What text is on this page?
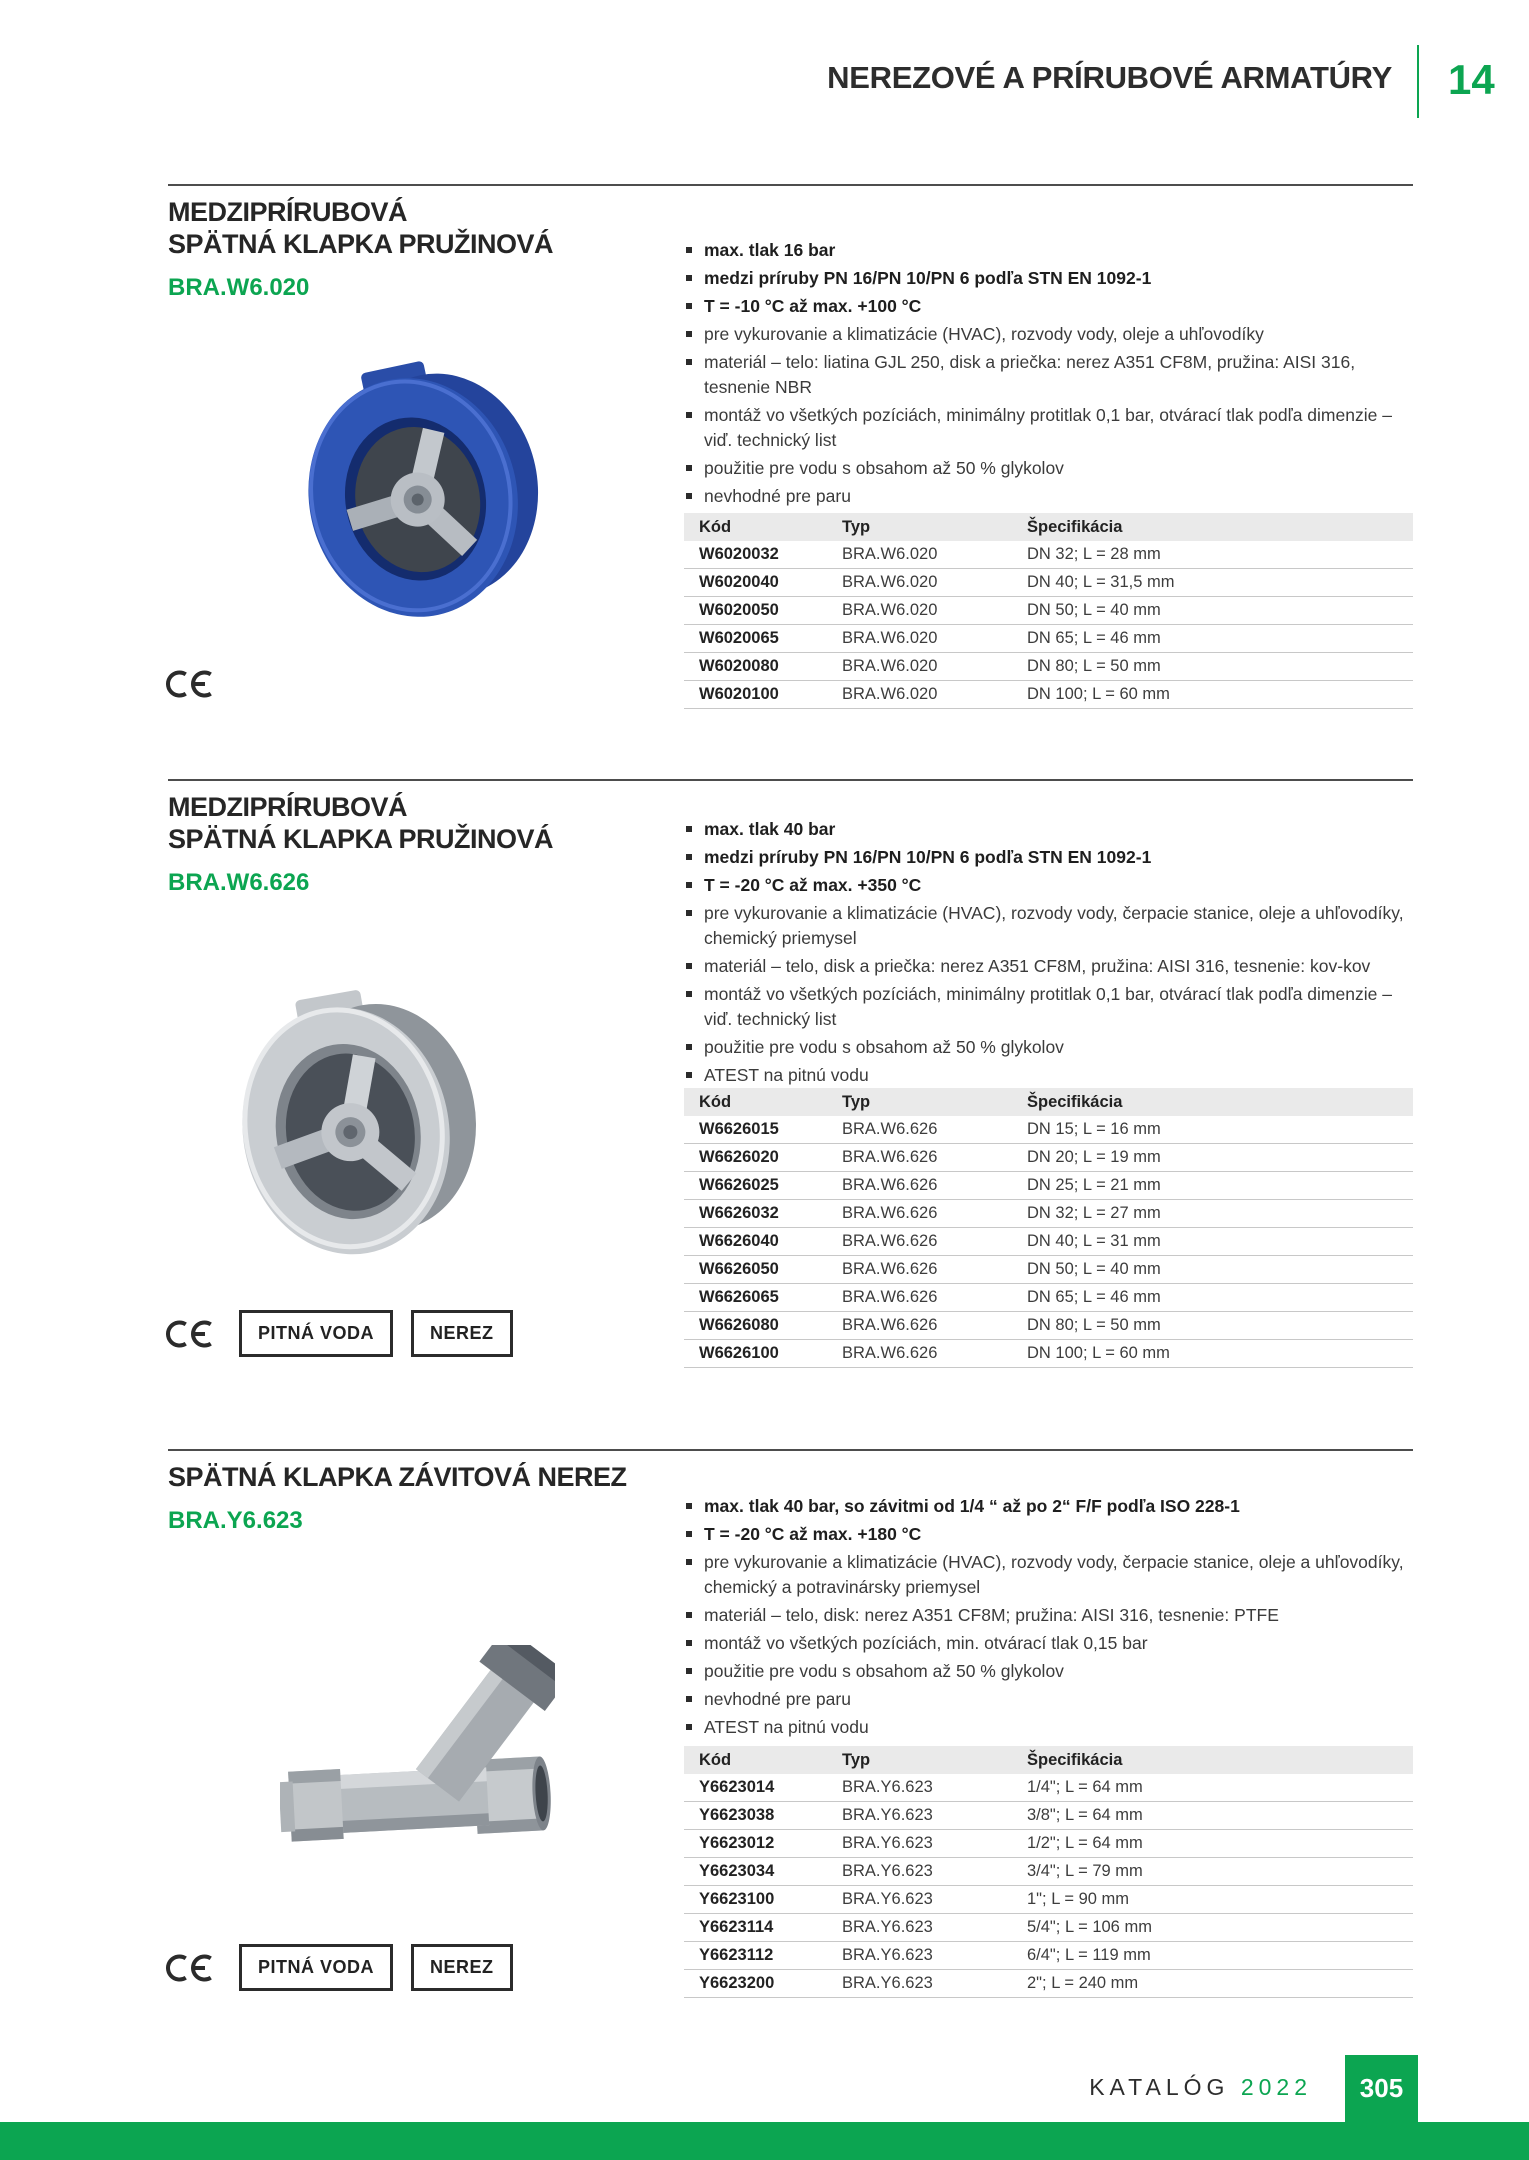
NEREZOVÉ A PRÍRUBOVÉ ARMATÚRY 14
MEDZIPRÍRUBOVÁ
SPÄTNÁ KLAPKA PRUŽINOVÁ
BRA.W6.020
max. tlak 16 bar
medzi príruby PN 16/PN 10/PN 6 podľa STN EN 1092-1
T = -10 °C až max. +100 °C
pre vykurovanie a klimatizácie (HVAC), rozvody vody, oleje a uhľovodíky
materiál – telo: liatina GJL 250, disk a priečka: nerez A351 CF8M, pružina: AISI 316, tesnenie NBR
montáž vo všetkých pozíciách, minimálny protitlak 0,1 bar, otvárací tlak podľa dimenzie – viď. technický list
použitie pre vodu s obsahom až 50 % glykolov
nevhodné pre paru
Kód	Typ	Špecifikácia
W6020032	BRA.W6.020	DN 32; L = 28 mm
W6020040	BRA.W6.020	DN 40; L = 31,5 mm
W6020050	BRA.W6.020	DN 50; L = 40 mm
W6020065	BRA.W6.020	DN 65; L = 46 mm
W6020080	BRA.W6.020	DN 80; L = 50 mm
W6020100	BRA.W6.020	DN 100; L = 60 mm
MEDZIPRÍRUBOVÁ
SPÄTNÁ KLAPKA PRUŽINOVÁ
BRA.W6.626
PITNÁ VODA	NEREZ
max. tlak 40 bar
medzi príruby PN 16/PN 10/PN 6 podľa STN EN 1092-1
T = -20 °C až max. +350 °C
pre vykurovanie a klimatizácie (HVAC), rozvody vody, čerpacie stanice, oleje a uhľovodíky, chemický priemysel
materiál – telo, disk a priečka: nerez A351 CF8M, pružina: AISI 316, tesnenie: kov-kov
montáž vo všetkých pozíciách, minimálny protitlak 0,1 bar, otvárací tlak podľa dimenzie – viď. technický list
použitie pre vodu s obsahom až 50 % glykolov
ATEST na pitnú vodu
Kód	Typ	Špecifikácia
W6626015	BRA.W6.626	DN 15; L = 16 mm
W6626020	BRA.W6.626	DN 20; L = 19 mm
W6626025	BRA.W6.626	DN 25; L = 21 mm
W6626032	BRA.W6.626	DN 32; L = 27 mm
W6626040	BRA.W6.626	DN 40; L = 31 mm
W6626050	BRA.W6.626	DN 50; L = 40 mm
W6626065	BRA.W6.626	DN 65; L = 46 mm
W6626080	BRA.W6.626	DN 80; L = 50 mm
W6626100	BRA.W6.626	DN 100; L = 60 mm
SPÄTNÁ KLAPKA ZÁVITOVÁ NEREZ
BRA.Y6.623
PITNÁ VODA	NEREZ
max. tlak 40 bar, so závitmi od 1/4 “ až po 2“ F/F podľa ISO 228-1
T = -20 °C až max. +180 °C
pre vykurovanie a klimatizácie (HVAC), rozvody vody, čerpacie stanice, oleje a uhľovodíky, chemický a potravinársky priemysel
materiál – telo, disk: nerez A351 CF8M; pružina: AISI 316, tesnenie: PTFE
montáž vo všetkých pozíciách, min. otvárací tlak 0,15 bar
použitie pre vodu s obsahom až 50 % glykolov
nevhodné pre paru
ATEST na pitnú vodu
Kód	Typ	Špecifikácia
Y6623014	BRA.Y6.623	1/4"; L = 64 mm
Y6623038	BRA.Y6.623	3/8"; L = 64 mm
Y6623012	BRA.Y6.623	1/2"; L = 64 mm
Y6623034	BRA.Y6.623	3/4"; L = 79 mm
Y6623100	BRA.Y6.623	1"; L = 90 mm
Y6623114	BRA.Y6.623	5/4"; L = 106 mm
Y6623112	BRA.Y6.623	6/4"; L = 119 mm
Y6623200	BRA.Y6.623	2"; L = 240 mm
KATALÓG 2022 305
